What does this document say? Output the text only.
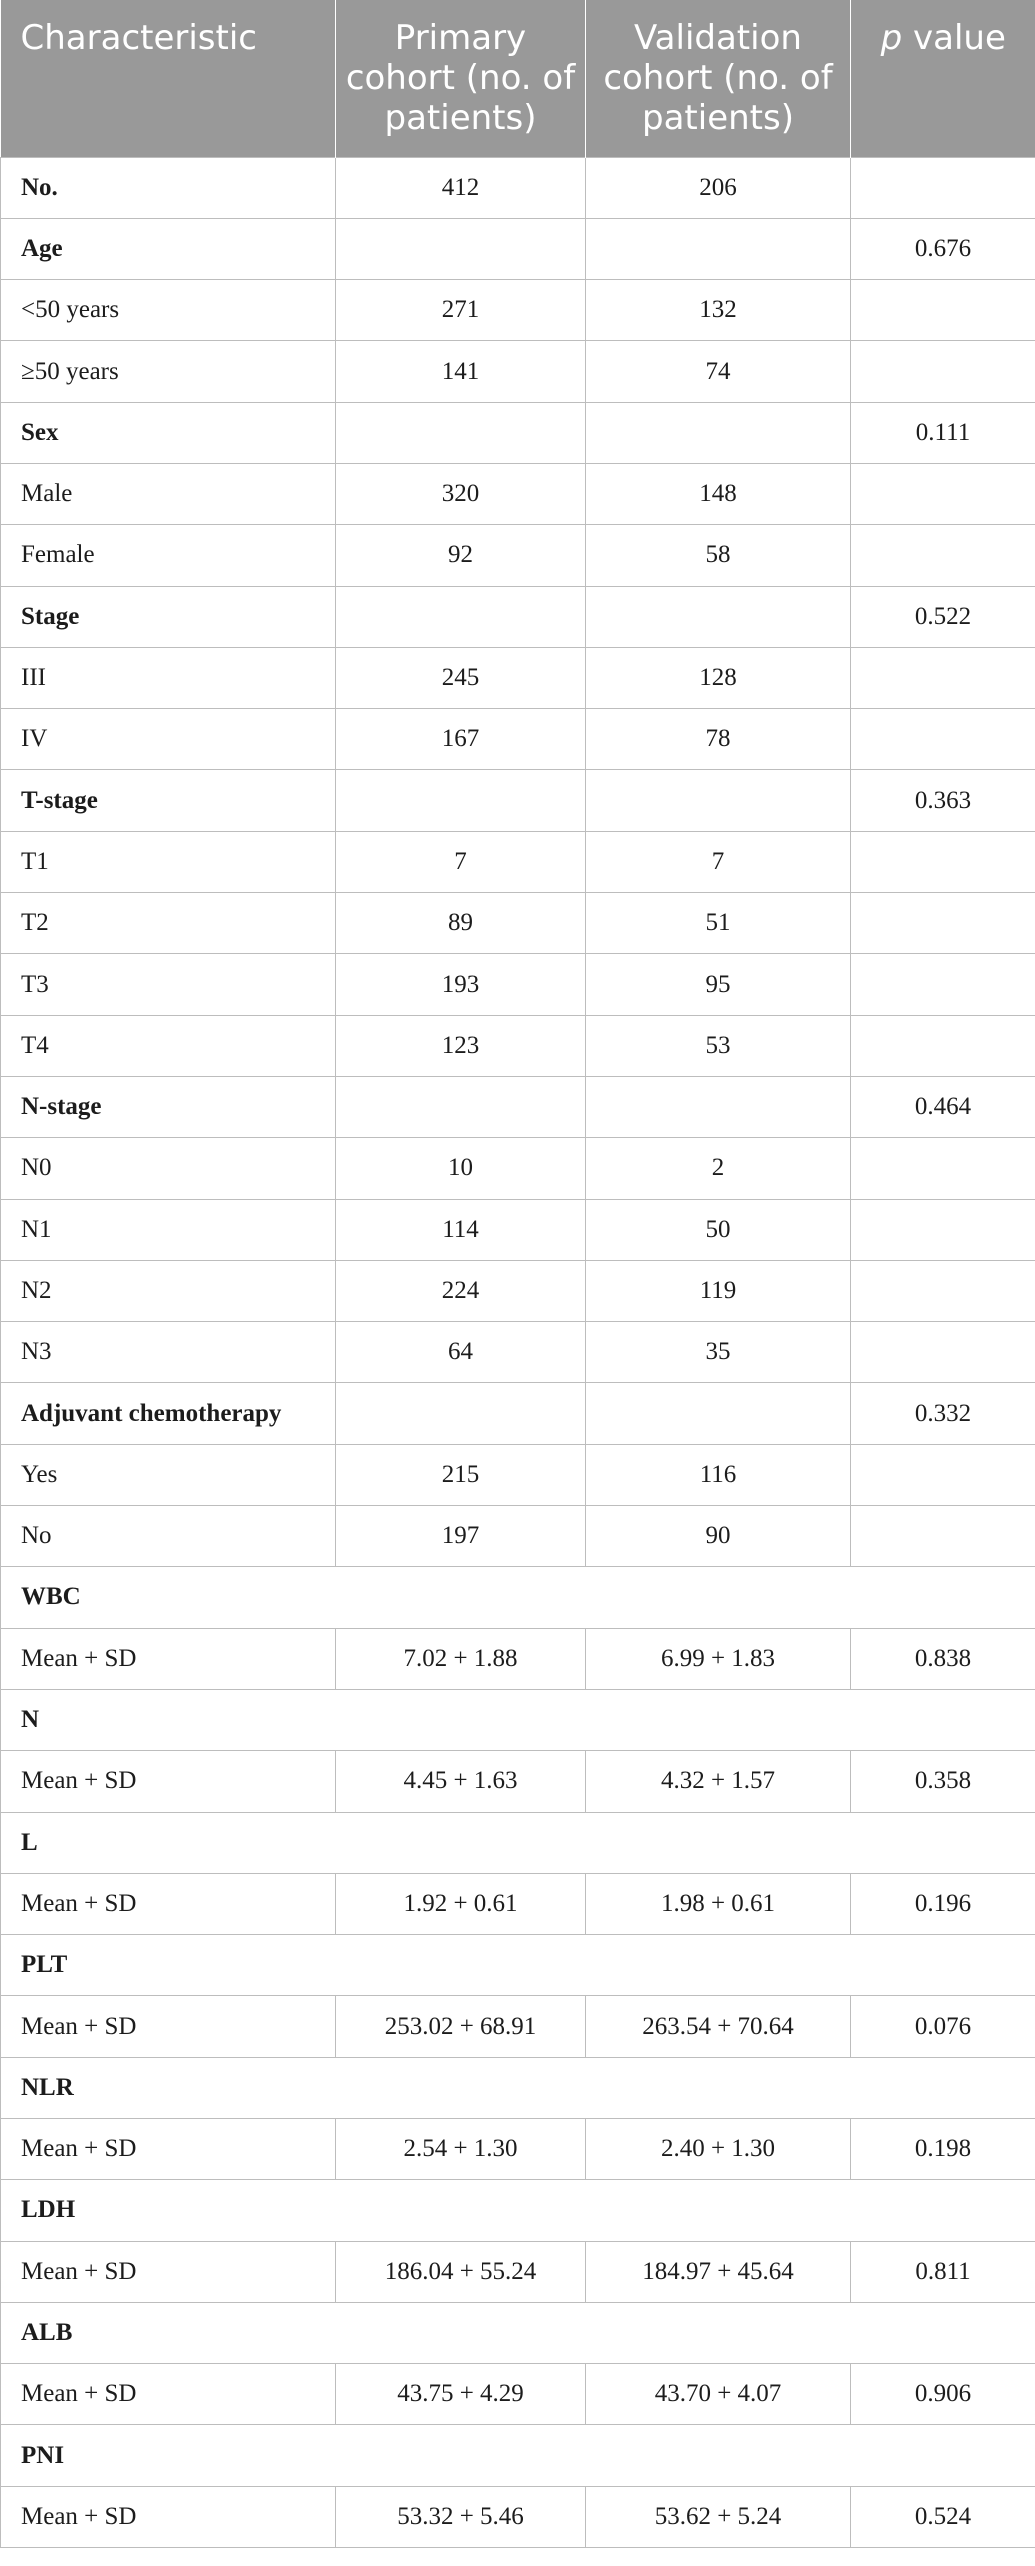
Characteristic	Primary cohort (no. of patients)	Validation cohort (no. of patients)	p value
No.	412	206	
Age			0.676
<50 years	271	132	
≥50 years	141	74	
Sex			0.111
Male	320	148	
Female	92	58	
Stage			0.522
III	245	128	
IV	167	78	
T-stage			0.363
T1	7	7	
T2	89	51	
T3	193	95	
T4	123	53	
N-stage			0.464
N0	10	2	
N1	114	50	
N2	224	119	
N3	64	35	
Adjuvant chemotherapy			0.332
Yes	215	116	
No	197	90	
WBC			
Mean + SD	7.02 + 1.88	6.99 + 1.83	0.838
N			
Mean + SD	4.45 + 1.63	4.32 + 1.57	0.358
L			
Mean + SD	1.92 + 0.61	1.98 + 0.61	0.196
PLT			
Mean + SD	253.02 + 68.91	263.54 + 70.64	0.076
NLR			
Mean + SD	2.54 + 1.30	2.40 + 1.30	0.198
LDH			
Mean + SD	186.04 + 55.24	184.97 + 45.64	0.811
ALB			
Mean + SD	43.75 + 4.29	43.70 + 4.07	0.906
PNI			
Mean + SD	53.32 + 5.46	53.62 + 5.24	0.524
